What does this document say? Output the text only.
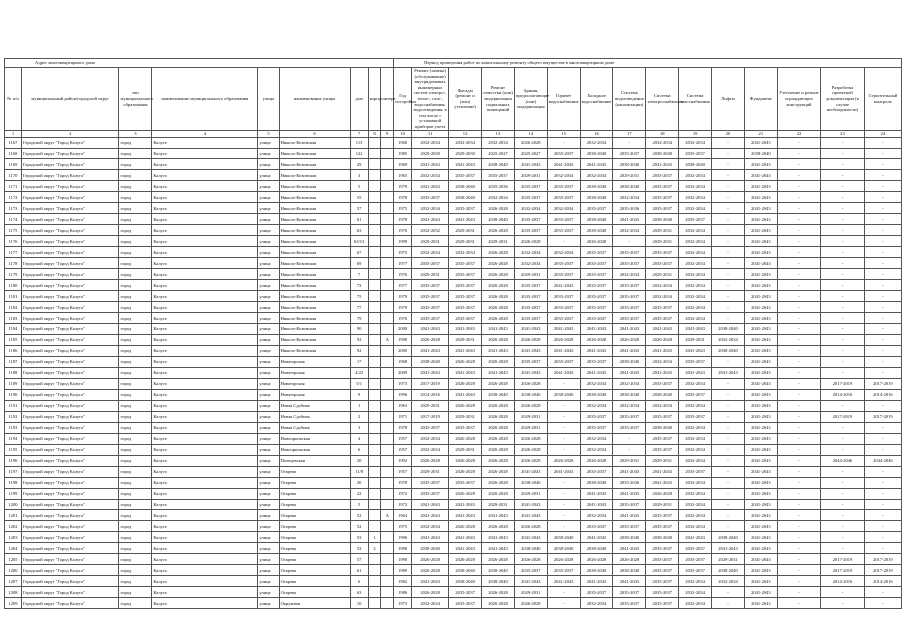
Адрес многоквартирного дома									Период проведения работ по капитальному ремонту общего имущества в многоквартирном доме														
№ п/п	муниципальный район/городской округ	тип муниципального образования	наименование муниципального образования	улица	наименование улицы	дом	корпус	литера	Год постройки	Ремонт (замена) (обслуживание) внутридомовых инженерных систем электро-, тепло-, газо-, водоснабжения, водоотведения, в том числе с установкой приборов учета	Фасады (ремонт и (или) утепление)	Ремонт отмостки (или) модернизация подвальных помещений	Здания, предполагающие (или) модернизация	Горячее водоснабжение	Холодное водоснабжение	Система водоотведения (канализации)	Система электроснабжения	Система газоснабжения	Лифты	Фундамент	Утепление и ремонт ограждающих конструкций	Разработка проектной документации (в случае необходимости)	Строительный контроль
1	2	3	4	5	6	7	8	9	10	11	12	13	14	15	16	17	18	19	20	21	22	23	24
1167	Городской округ "Город Калуга"	город	Калуга	улица	Николо-Козинская	113			1960	2032-2034	2032-2034	2032-2034	2026-2028	-	2032-2034	-	2032-2034	2032-2034	-	2041-2043	-	-	-
1168	Городской округ "Город Калуга"	город	Калуга	улица	Николо-Козинская	122			1985	2029-2030	2029-2030	2025-2027	2025-2027	2035-2037	2038-2040	2035-2037	2038-2040	2035-2037	-	2038-2040	-	-	-
1169	Городской округ "Город Калуга"	город	Калуга	улица	Николо-Козинская	29			1969	2041-2043	2041-2043	2038-2040	2041-2043	2041-2043	2041-2043	2038-2040	2041-2043	2038-2040	-	2041-2043	-	-	-
1170	Городской округ "Город Калуга"	город	Калуга	улица	Николо-Козинская	3			1965	2032-2034	2035-2037	2035-2037	2029-2031	2032-2034	2032-2034	2029-2031	2035-2037	2032-2034	-	2041-2043	-	-	-
1171	Городской округ "Город Калуга"	город	Калуга	улица	Николо-Козинская	5			1979	2041-2043	2038-2040	2035-2036	2035-2037	2035-2037	2038-2040	2038-2040	2035-2037	2032-2034	-	2041-2043	-	-	-
1172	Городской округ "Город Калуга"	город	Калуга	улица	Николо-Козинская	55			1978	2035-2037	2038-2040	2032-2034	2035-2037	2035-2037	2038-2040	2032-2034	2035-2037	2032-2034	-	2041-2043	-	-	-
1173	Городской округ "Город Калуга"	город	Калуга	улица	Николо-Козинская	57			1975	2032-2034	2035-2037	2026-2028	2032-2034	2032-2034	2035-2037	2035-2036	2035-2037	2032-2034	-	2041-2043	-	-	-
1174	Городской округ "Город Калуга"	город	Калуга	улица	Николо-Козинская	61			1978	2041-2043	2041-2043	2038-2040	2035-2037	2035-2037	2038-2040	2041-2043	2038-2040	2035-2037	-	2041-2043	-	-	-
1175	Городской округ "Город Калуга"	город	Калуга	улица	Николо-Козинская	63			1976	2032-2032	2029-2031	2026-2028	2035-2037	2035-2037	2038-2040	2032-2034	2029-2031	2032-2034	-	2041-2043	-	-	-
1176	Городской округ "Город Калуга"	город	Калуга	улица	Николо-Козинская	63/13			1999	2029-2031	2029-2031	2029-2031	2026-2028	-	2026-2028	-	2029-2031	2032-2034	-	2041-2043	-	-	-
1177	Городской округ "Город Калуга"	город	Калуга	улица	Николо-Козинская	67			1975	2032-2034	2032-2034	2026-2028	2032-2034	2032-2034	2035-2037	2035-2037	2035-2037	2032-2034	-	2041-2043	-	-	-
1178	Городской округ "Город Калуга"	город	Калуга	улица	Николо-Козинская	69			1977	2035-2037	2035-2037	2026-2028	2032-2034	2035-2037	2035-2037	2035-2037	2035-2037	2032-2034	-	2041-2043	-	-	-
1179	Городской округ "Город Калуга"	город	Калуга	улица	Николо-Козинская	7			1976	2029-2031	2035-2037	2026-2028	2029-2031	2035-2037	2035-2037	2032-2034	2029-2031	2032-2034	-	2041-2043	-	-	-
1180	Городской округ "Город Калуга"	город	Калуга	улица	Николо-Козинская	73			1977	2035-2037	2035-2037	2026-2028	2035-2037	2041-2043	2035-2037	2035-2037	2032-2034	2032-2034	-	2041-2043	-	-	-
1181	Городской округ "Город Калуга"	город	Калуга	улица	Николо-Козинская	75			1979	2035-2037	2035-2037	2026-2028	2035-2037	2035-2037	2035-2037	2035-2037	2032-2034	2032-2034	-	2041-2043	-	-	-
1182	Городской округ "Город Калуга"	город	Калуга	улица	Николо-Козинская	77			1979	2035-2037	2035-2037	2026-2028	2035-2037	2035-2037	2035-2037	2035-2037	2035-2037	2032-2034	-	2041-2043	-	-	-
1183	Городской округ "Город Калуга"	город	Калуга	улица	Николо-Козинская	79			1976	2035-2037	2035-2037	2026-2028	2035-2037	2035-2037	2035-2037	2035-2037	2035-2037	2032-2034	-	2041-2043	-	-	-
1184	Городской округ "Город Калуга"	город	Калуга	улица	Николо-Козинская	90			2000	2041-2043	2041-2043	2041-2043	2041-2043	2041-2043	2041-2043	2041-2043	2041-2043	2041-2043	2038-2040	2041-2043	-	-	-
1185	Городской округ "Город Калуга"	город	Калуга	улица	Николо-Козинская	92		А	1998	2026-2028	2029-2031	2026-2028	2026-2028	2026-2028	2026-2028	2026-2028	2026-2028	2029-2031	2032-2034	2041-2043	-	-	-
1186	Городской округ "Город Калуга"	город	Калуга	улица	Николо-Козинская	92			2000	2041-2043	2041-2043	2041-2043	2041-2043	2041-2043	2041-2043	2041-2043	2041-2043	2041-2043	2038-2040	2041-2043	-	-	-
1187	Городской округ "Город Калуга"	город	Калуга	улица	Новаторская	17			1968	2038-2040	2026-2028	2026-2028	2035-2037	2035-2037	2035-2037	2038-2040	2032-2034	2035-2037	-	2041-2043	-	-	-
1188	Городской округ "Город Калуга"	город	Калуга	улица	Новаторская	4/22			2009	2041-2043	2041-2043	2041-2043	2041-2043	2041-2043	2041-2043	2041-2043	2041-2043	2041-2043	2041-2043	2041-2043	-	-	-
1189	Городской округ "Город Калуга"	город	Калуга	улица	Новаторская	5/1			1973	2017-2019	2026-2028	2026-2028	2026-2028	-	2032-2034	2032-2034	2035-2037	2032-2034	-	2041-2043	-	2017-2019	2017-2019
1190	Городской округ "Город Калуга"	город	Калуга	улица	Новаторская	9			1996	2014-2016	2041-2043	2038-2040	2038-2040	2038-2040	2038-2040	2038-2040	2038-2040	2035-2037	-	2041-2043	-	2014-2016	2014-2016
1191	Городской округ "Город Калуга"	город	Калуга	улица	Новая Сдобная	1			1963	2029-2031	2026-2028	2026-2028	2026-2028	-	2032-2034	2032-2034	2032-2034	2032-2034	-	2041-2043	-	-	-
1192	Городской округ "Город Калуга"	город	Калуга	улица	Новая Сдобная	2			1971	2017-2019	2029-2031	2026-2028	2029-2031	-	2035-2037	2035-2037	2035-2037	2035-2037	-	2041-2043	-	2017-2019	2017-2019
1193	Городской округ "Город Калуга"	город	Калуга	улица	Новая Сдобная	3			1978	2035-2037	2035-2037	2026-2028	2029-2031	-	2035-2037	2035-2037	2038-2040	2032-2034	-	2041-2043	-	-	-
1194	Городской округ "Город Калуга"	город	Калуга	улица	Новоприокская	4			1957	2032-2034	2026-2028	2026-2028	2026-2028	-	2032-2034	-	2035-2037	2032-2034	-	2041-2043	-	-	-
1195	Городской округ "Город Калуга"	город	Калуга	улица	Новоприокская	6			1957	2032-2034	2029-2031	2026-2028	2026-2028	-	2032-2034	-	2035-2037	2032-2034	-	2041-2043	-	-	-
1196	Городской округ "Город Калуга"	город	Калуга	улица	Пальцевская	20			1992	2026-2028	2026-2028	2026-2028	2026-2028	2026-2028	2026-2028	2029-2031	2029-2031	2032-2034	-	2041-2043	-	2044-2046	2044-2046
1197	Городской округ "Город Калуга"	город	Калуга	улица	Огарева	11/8			1957	2029-2031	2026-2028	2026-2028	2041-2043	2041-2043	2035-2037	2041-2043	2041-2043	2035-2037	-	2041-2043	-	-	-
1198	Городской округ "Город Калуга"	город	Калуга	улица	Огарева	20			1978	2035-2037	2035-2037	2026-2028	2038-2040	-	2038-2040	2035-2036	2041-2043	2032-2034	-	2041-2043	-	-	-
1199	Городской округ "Город Калуга"	город	Калуга	улица	Огарева	22			1972	2035-2037	2026-2028	2026-2028	2029-2031	-	2041-2043	2041-2043	2026-2028	2032-2034	-	2041-2043	-	-	-
1200	Городской округ "Город Калуга"	город	Калуга	улица	Огарева	5			1972	2041-2043	2041-2043	2029-2031	2041-2043	-	2041-2043	2035-2037	2029-2031	2032-2034	-	2041-2043	-	-	-
1201	Городской округ "Город Калуга"	город	Калуга	улица	Огарева	52		А	1964	2041-2043	2041-2043	2041-2043	2041-2043	-	2032-2034	2041-2043	2035-2037	2032-2034	-	2041-2043	-	-	-
1202	Городской округ "Город Калуга"	город	Калуга	улица	Огарева	52			1975	2032-2034	2026-2028	2026-2028	2026-2028	-	2035-2037	2035-2037	2035-2037	2032-2034	-	2041-2043	-	-	-
1203	Городской округ "Город Калуга"	город	Калуга	улица	Огарева	53	1		1996	2041-2043	2041-2043	2041-2043	2041-2043	2038-2040	2041-2043	2038-2040	2038-2040	2041-2043	2038-2040	2041-2043	-	-	-
1204	Городской округ "Город Калуга"	город	Калуга	улица	Огарева	53	2		1998	2038-2040	2041-2043	2041-2043	2038-2040	2038-2040	2038-2040	2041-2043	2035-2037	2035-2037	2041-2043	2041-2043	-	-	-
1205	Городской округ "Город Калуга"	город	Калуга	улица	Огарева	57			1990	2026-2028	2026-2028	2026-2028	2026-2028	2026-2028	2026-2028	2026-2028	2035-2037	2035-2037	2029-2031	2041-2043	-	2017-2019	2017-2019
1206	Городской округ "Город Калуга"	город	Калуга	улица	Огарева	61			1989	2026-2028	2038-2040	2038-2040	2035-2037	2035-2037	2038-2040	2038-2040	2035-2037	2035-2037	2038-2040	2041-2043	-	2017-2019	2017-2019
1207	Городской округ "Город Калуга"	город	Калуга	улица	Огарева	6			1982	2041-2043	2038-2040	2038-2040	2041-2043	2041-2043	2041-2043	2041-2043	2035-2037	2032-2034	2032-2034	2041-2043	-	2014-2016	2014-2016
1208	Городской округ "Город Калуга"	город	Калуга	улица	Огарева	63			1986	2026-2028	2035-2037	2026-2028	2029-2031	-	2035-2037	2035-2037	2035-2037	2032-2034	-	2041-2043	-	-	-
1209	Городской округ "Город Калуга"	город	Калуга	улица	Окружная	10			1973	2032-2034	2035-2037	2026-2028	2026-2028	-	2032-2034	2035-2037	2035-2037	2032-2034	-	2041-2043	-	-	-
